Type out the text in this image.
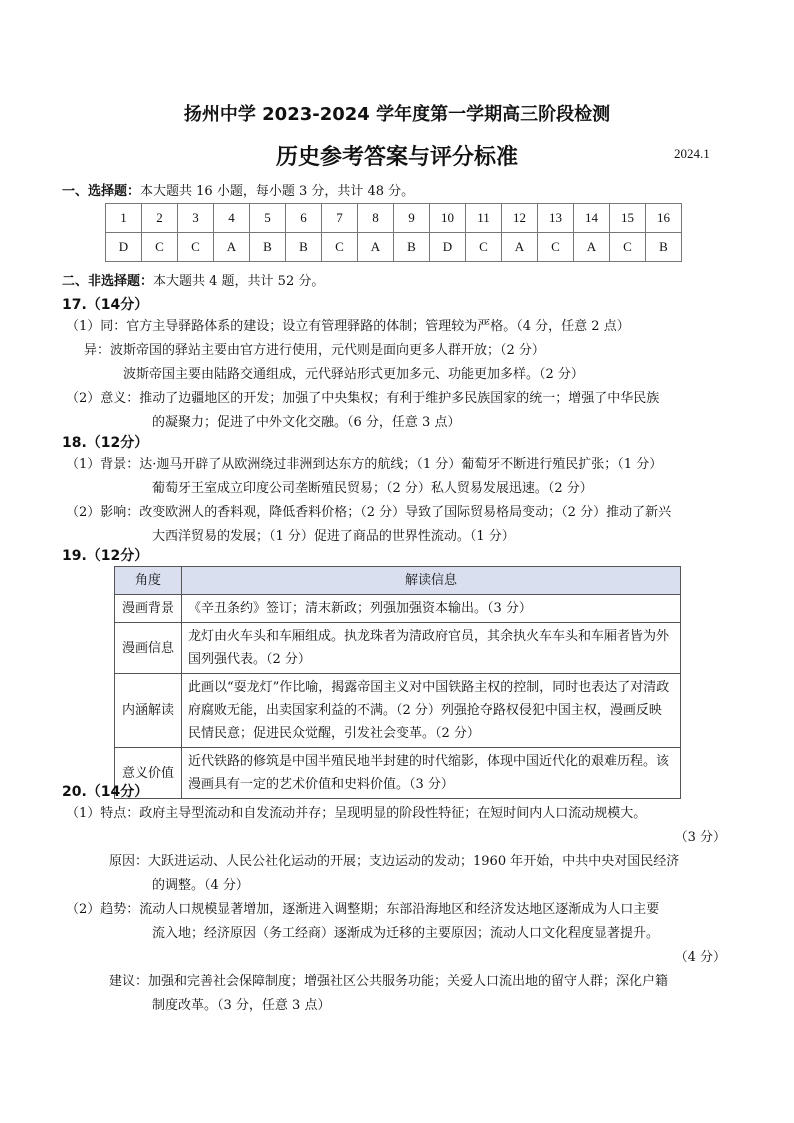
扬州中学 2023-2024 学年度第一学期高三阶段检测
历史参考答案与评分标准	2024.1
一、选择题：本大题共 16 小题，每小题 3 分，共计 48 分。
1	2	3	4	5	6	7	8	9	10	11	12	13	14	15	16
D	C	C	A	B	B	C	A	B	D	C	A	C	A	C	B
二、非选择题：本大题共 4 题，共计 52 分。
17.（14分）
（1）同：官方主导驿路体系的建设；设立有管理驿路的体制；管理较为严格。（4 分，任意 2 点）
异：波斯帝国的驿站主要由官方进行使用，元代则是面向更多人群开放；（2 分）
波斯帝国主要由陆路交通组成，元代驿站形式更加多元、功能更加多样。（2 分）
（2）意义：推动了边疆地区的开发；加强了中央集权；有利于维护多民族国家的统一；增强了中华民族
的凝聚力；促进了中外文化交融。（6 分，任意 3 点）
18.（12分）
（1）背景：达·迦马开辟了从欧洲绕过非洲到达东方的航线；（1 分）葡萄牙不断进行殖民扩张；（1 分）
葡萄牙王室成立印度公司垄断殖民贸易；（2 分）私人贸易发展迅速。（2 分）
（2）影响：改变欧洲人的香料观，降低香料价格；（2 分）导致了国际贸易格局变动；（2 分）推动了新兴
大西洋贸易的发展；（1 分）促进了商品的世界性流动。（1 分）
19.（12分）
角度	解读信息
漫画背景	《辛丑条约》签订；清末新政；列强加强资本输出。（3 分）
漫画信息	龙灯由火车头和车厢组成。执龙珠者为清政府官员，其余执火车车头和车厢者皆为外国列强代表。（2 分）
内涵解读	此画以“耍龙灯”作比喻，揭露帝国主义对中国铁路主权的控制，同时也表达了对清政府腐败无能，出卖国家利益的不满。（2 分）列强抢夺路权侵犯中国主权，漫画反映民情民意；促进民众觉醒，引发社会变革。（2 分）
意义价值	近代铁路的修筑是中国半殖民地半封建的时代缩影，体现中国近代化的艰难历程。该漫画具有一定的艺术价值和史料价值。（3 分）
20.（14分）
（1）特点：政府主导型流动和自发流动并存；呈现明显的阶段性特征；在短时间内人口流动规模大。
（3 分）
原因：大跃进运动、人民公社化运动的开展；支边运动的发动；1960 年开始，中共中央对国民经济
的调整。（4 分）
（2）趋势：流动人口规模显著增加，逐渐进入调整期；东部沿海地区和经济发达地区逐渐成为人口主要
流入地；经济原因（务工经商）逐渐成为迁移的主要原因；流动人口文化程度显著提升。
（4 分）
建议：加强和完善社会保障制度；增强社区公共服务功能；关爱人口流出地的留守人群；深化户籍
制度改革。（3 分，任意 3 点）
